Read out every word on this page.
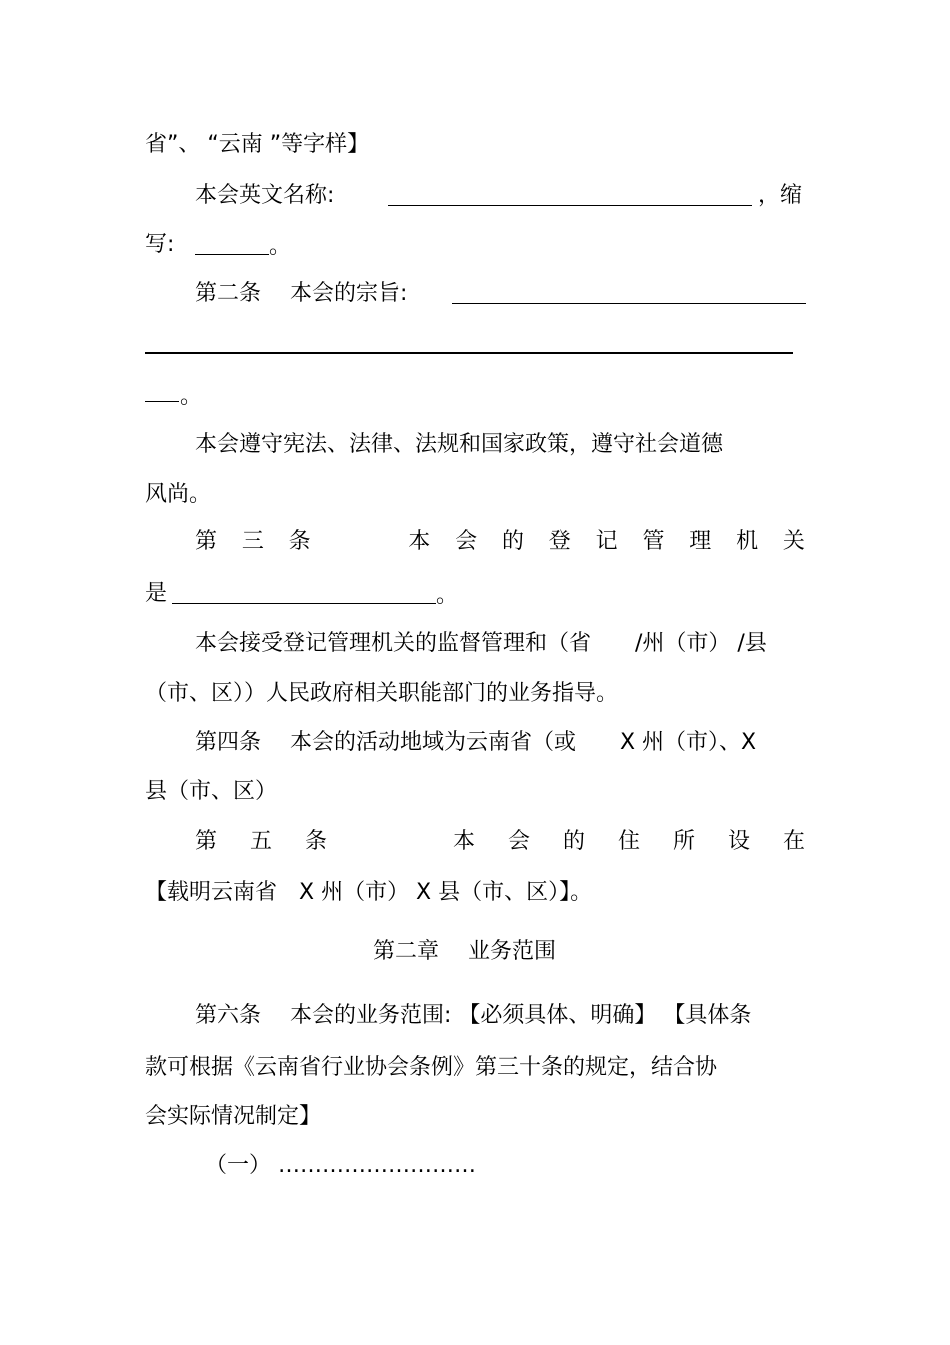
省”、 “云南 ”等字样】
本会英文名称:	，缩
写:	。
第二条　 本会的宗旨:
。
本会遵守宪法、法律、法规和国家政策，遵守社会道德
风尚。
第 三 条	本 会 的 登 记 管 理 机 关
是	。
本会接受登记管理机关的监督管理和（省　　/州（市） /县
（市、区））人民政府相关职能部门的业务指导。
第四条　 本会的活动地域为云南省（或　　X 州（市）、X
县（市、区）
第 五 条	本 会 的 住 所 设 在
【载明云南省　X 州（市） X 县（市、区）】。
第二章　 业务范围
第六条　 本会的业务范围: 【必须具体、明确】 【具体条
款可根据《云南省行业协会条例》第三十条的规定，结合协
会实际情况制定】
（一） ………………………
